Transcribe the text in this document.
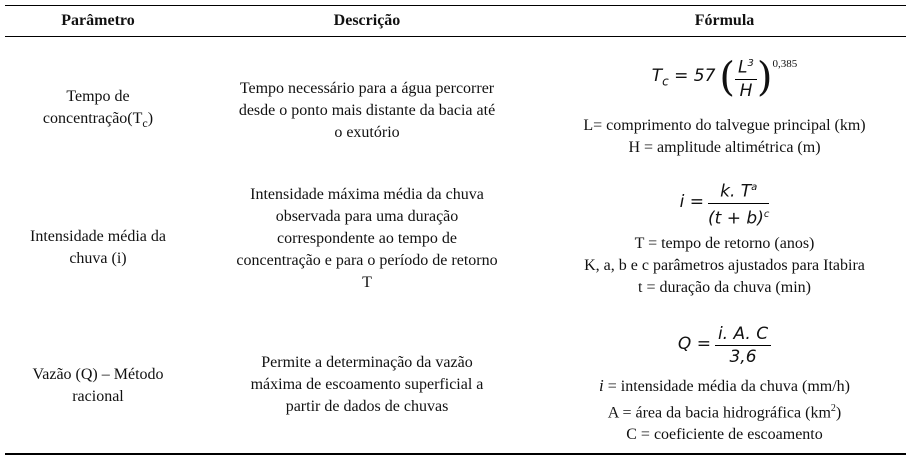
Parâmetro	Descrição	Fórmula
Tempo de
$concentração(T_c)$
Tempo necessário para a água percorrer
desde o ponto mais distante da bacia até
o exutório
$T_c = 57$ ( $\frac{L^3}{H} )^{0,385}$
L= comprimento do talvegue principal (km)
H = amplitude altimétrica (m)
Intensidade média da
chuva (i)
Intensidade máxima média da chuva
observada para uma duração
correspondente ao tempo de
concentração e para o período de retorno
T
$i = \frac{k. T^a}{(t + b)^c}$
T = tempo de retorno (anos)
K, a, b e c parâmetros ajustados para Itabira
t = duração da chuva (min)
Vazão (Q) – Método
racional
Permite a determinação da vazão
máxima de escoamento superficial a
partir de dados de chuvas
$Q = \frac{i. A. C}{3,6}$
i = intensidade média da chuva (mm/h)
A = área da bacia hidrográfica $(km^2)$
C = coeficiente de escoamento
